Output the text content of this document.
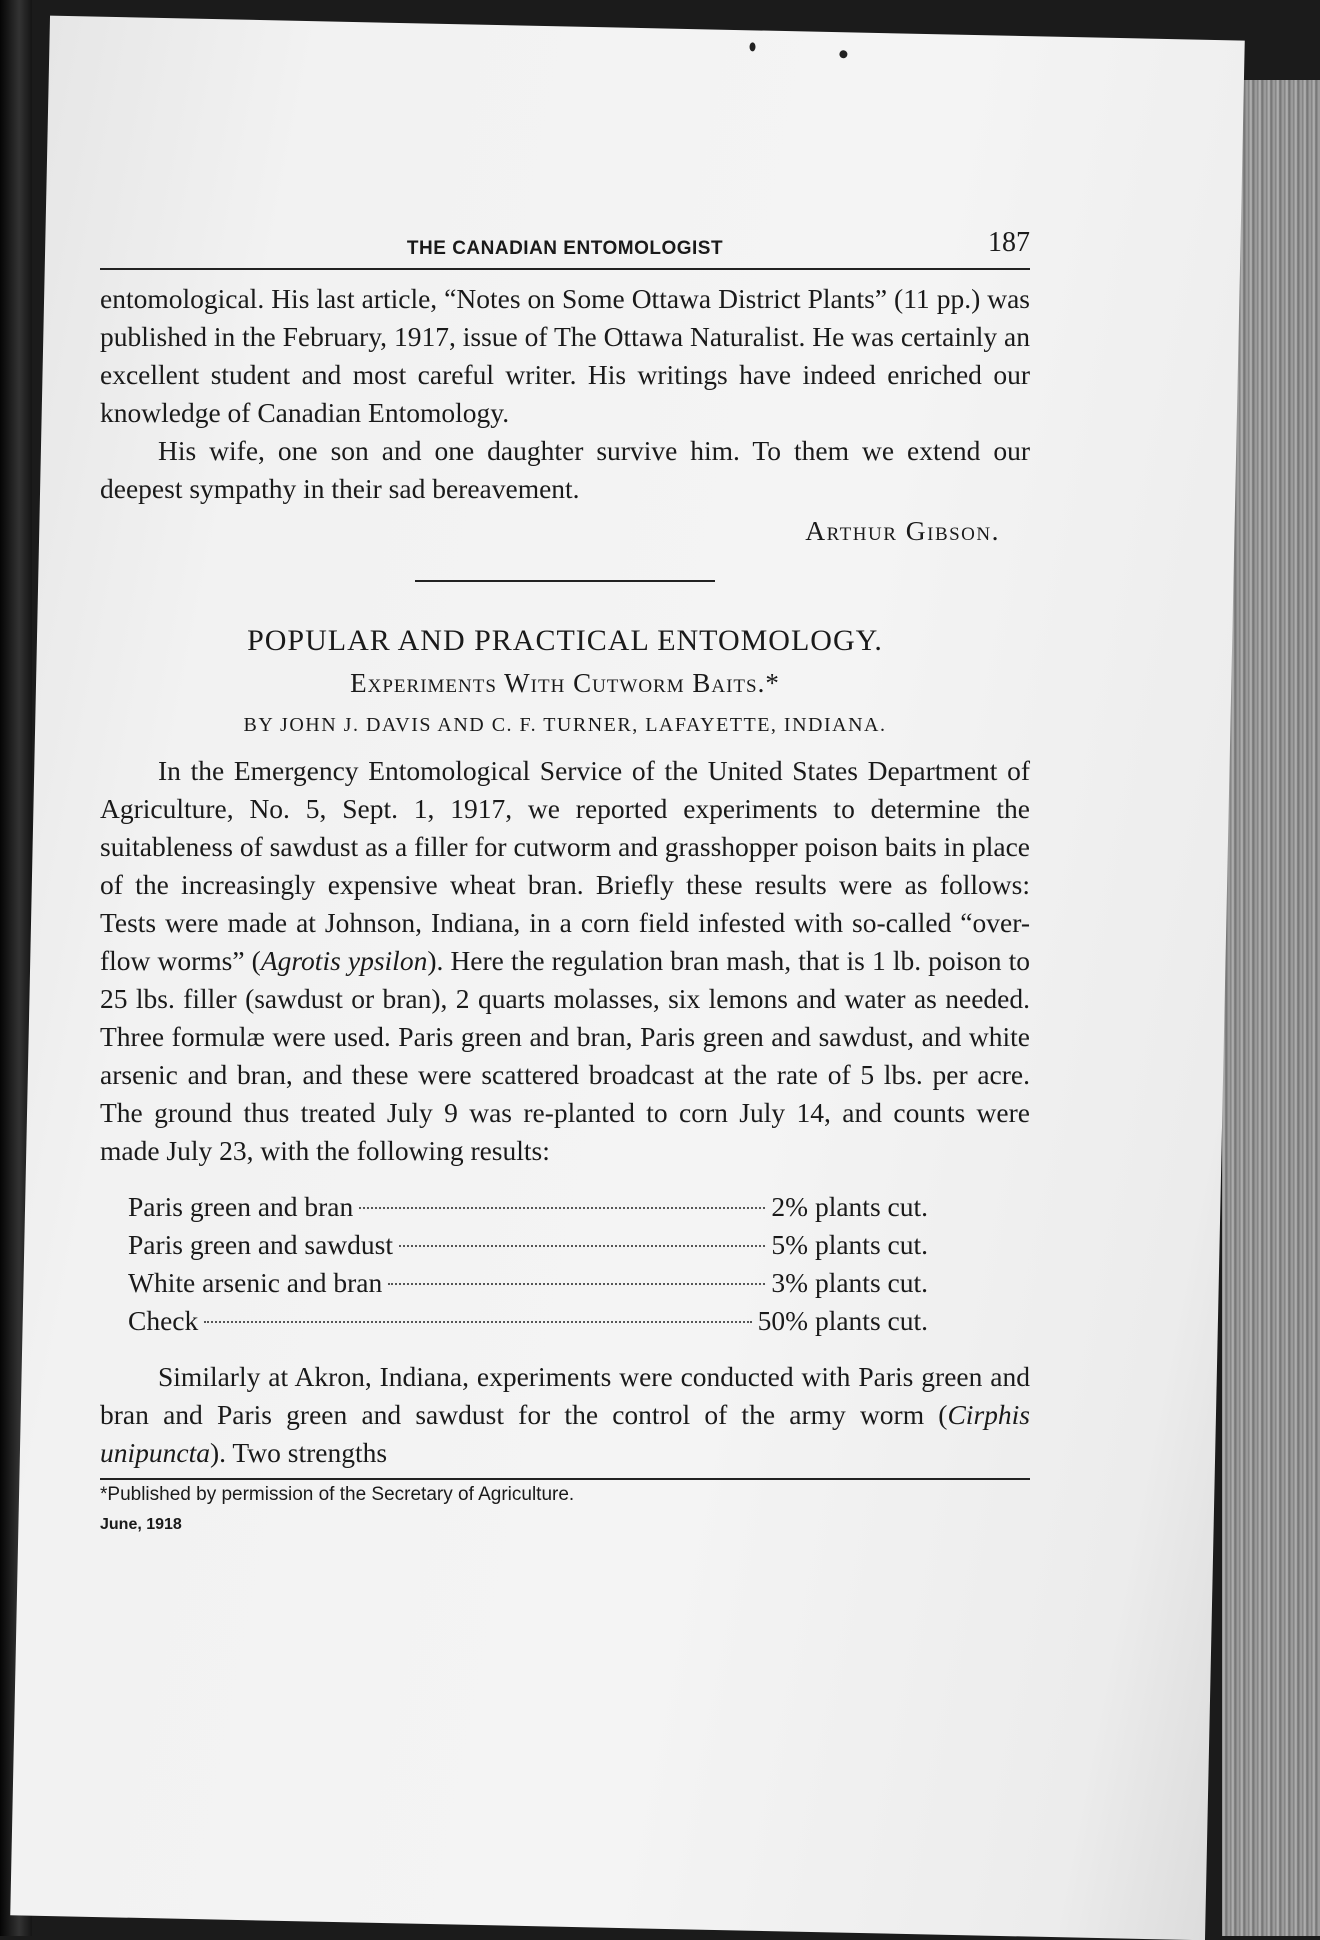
THE CANADIAN ENTOMOLOGIST	187

entomological. His last article, “Notes on Some Ottawa District Plants” (11 pp.) was published in the February, 1917, issue of The Ottawa Naturalist. He was certainly an excellent student and most careful writer. His writings have indeed enriched our knowledge of Canadian Entomology.

His wife, one son and one daughter survive him. To them we extend our deepest sympathy in their sad bereavement.

Arthur Gibson.
POPULAR AND PRACTICAL ENTOMOLOGY.
Experiments With Cutworm Baits.*
BY JOHN J. DAVIS AND C. F. TURNER, LAFAYETTE, INDIANA.

In the Emergency Entomological Service of the United States Department of Agriculture, No. 5, Sept. 1, 1917, we reported experiments to determine the suitableness of sawdust as a filler for cutworm and grasshopper poison baits in place of the increasingly expensive wheat bran. Briefly these results were as follows: Tests were made at Johnson, Indiana, in a corn field infested with so-called “over-flow worms” (Agrotis ypsilon). Here the regulation bran mash, that is 1 lb. poison to 25 lbs. filler (sawdust or bran), 2 quarts molasses, six lemons and water as needed. Three formulæ were used. Paris green and bran, Paris green and sawdust, and white arsenic and bran, and these were scattered broadcast at the rate of 5 lbs. per acre. The ground thus treated July 9 was re-planted to corn July 14, and counts were made July 23, with the following results:

Paris green and bran	2% plants cut.
Paris green and sawdust	5% plants cut.
White arsenic and bran	3% plants cut.
Check	50% plants cut.

Similarly at Akron, Indiana, experiments were conducted with Paris green and bran and Paris green and sawdust for the control of the army worm (Cirphis unipuncta). Two strengths

*Published by permission of the Secretary of Agriculture.
June, 1918
